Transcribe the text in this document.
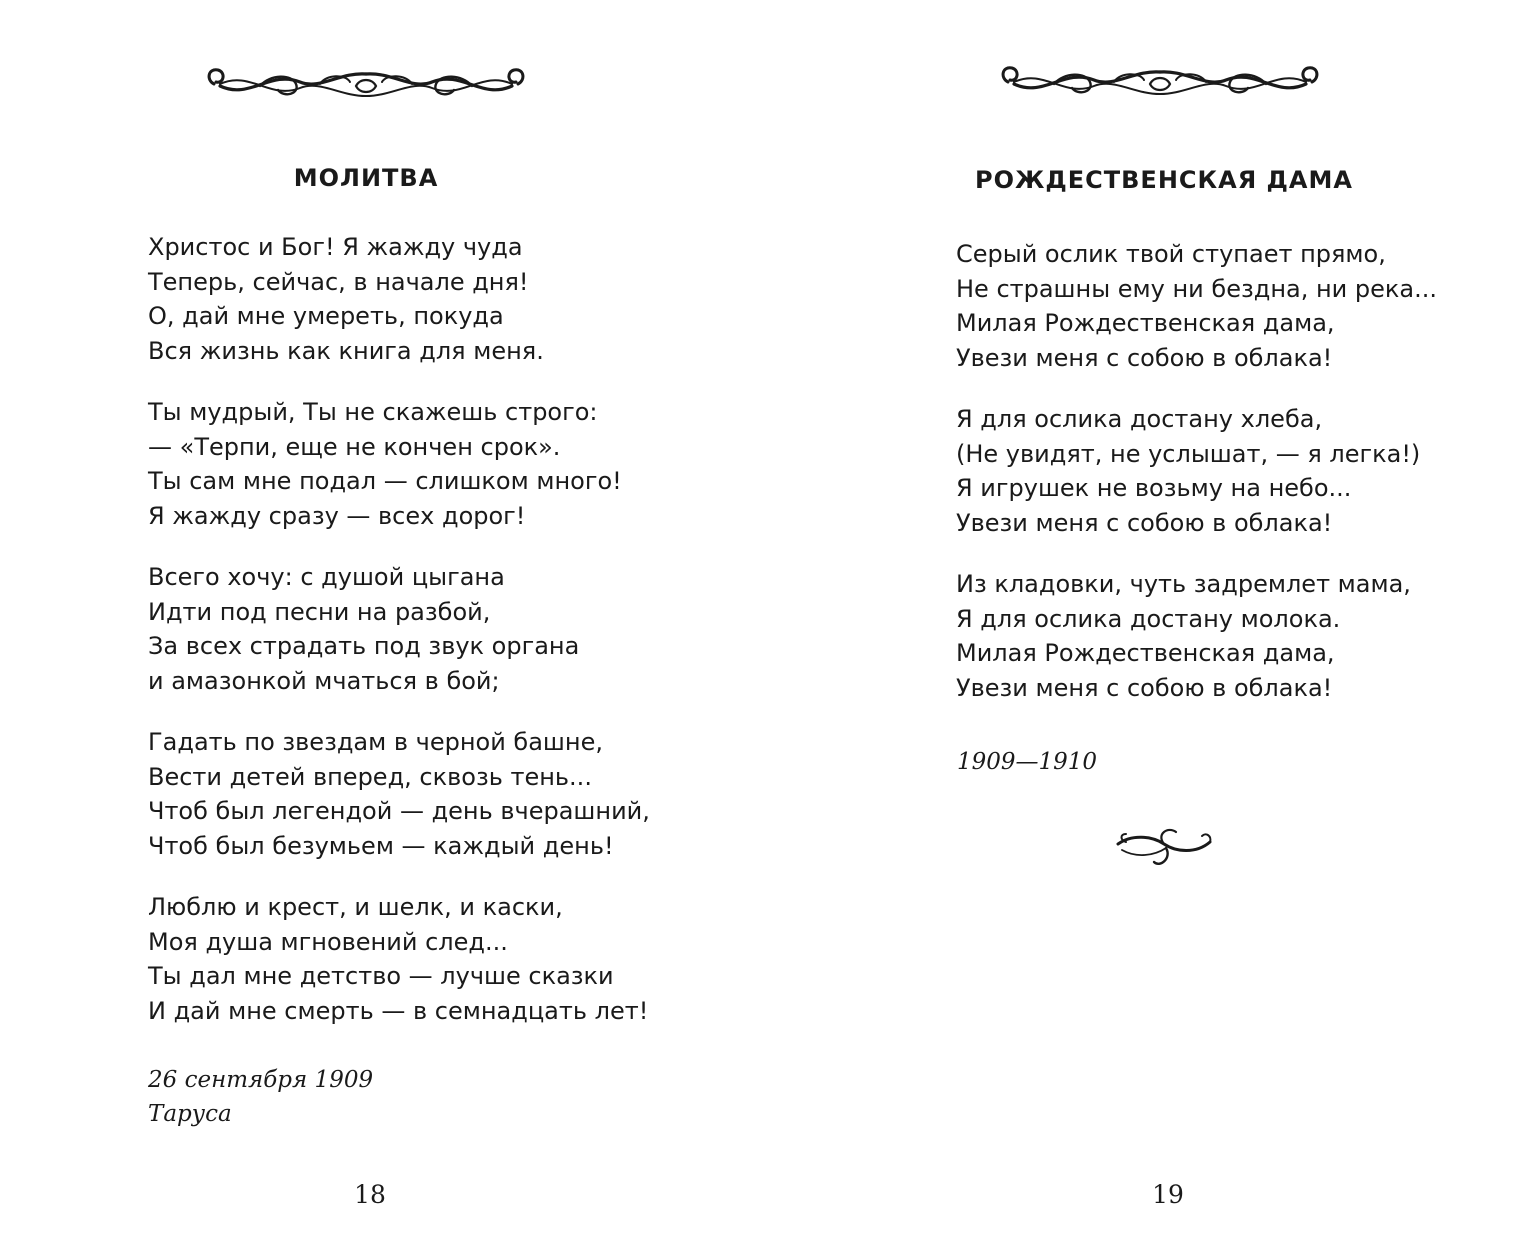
МОЛИТВА

Христос и Бог! Я жажду чуда
Теперь, сейчас, в начале дня!
О, дай мне умереть, покуда
Вся жизнь как книга для меня.

Ты мудрый, Ты не скажешь строго:
— «Терпи, еще не кончен срок».
Ты сам мне подал — слишком много!
Я жажду сразу — всех дорог!

Всего хочу: с душой цыгана
Идти под песни на разбой,
За всех страдать под звук органа
и амазонкой мчаться в бой;

Гадать по звездам в черной башне,
Вести детей вперед, сквозь тень...
Чтоб был легендой — день вчерашний,
Чтоб был безумьем — каждый день!

Люблю и крест, и шелк, и каски,
Моя душа мгновений след...
Ты дал мне детство — лучше сказки
И дай мне смерть — в семнадцать лет!

26 сентября 1909
Таруса
18
РОЖДЕСТВЕНСКАЯ ДАМА

Серый ослик твой ступает прямо,
Не страшны ему ни бездна, ни река...
Милая Рождественская дама,
Увези меня с собою в облака!

Я для ослика достану хлеба,
(Не увидят, не услышат, — я легка!)
Я игрушек не возьму на небо...
Увези меня с собою в облака!

Из кладовки, чуть задремлет мама,
Я для ослика достану молока.
Милая Рождественская дама,
Увези меня с собою в облака!

1909—1910
19
